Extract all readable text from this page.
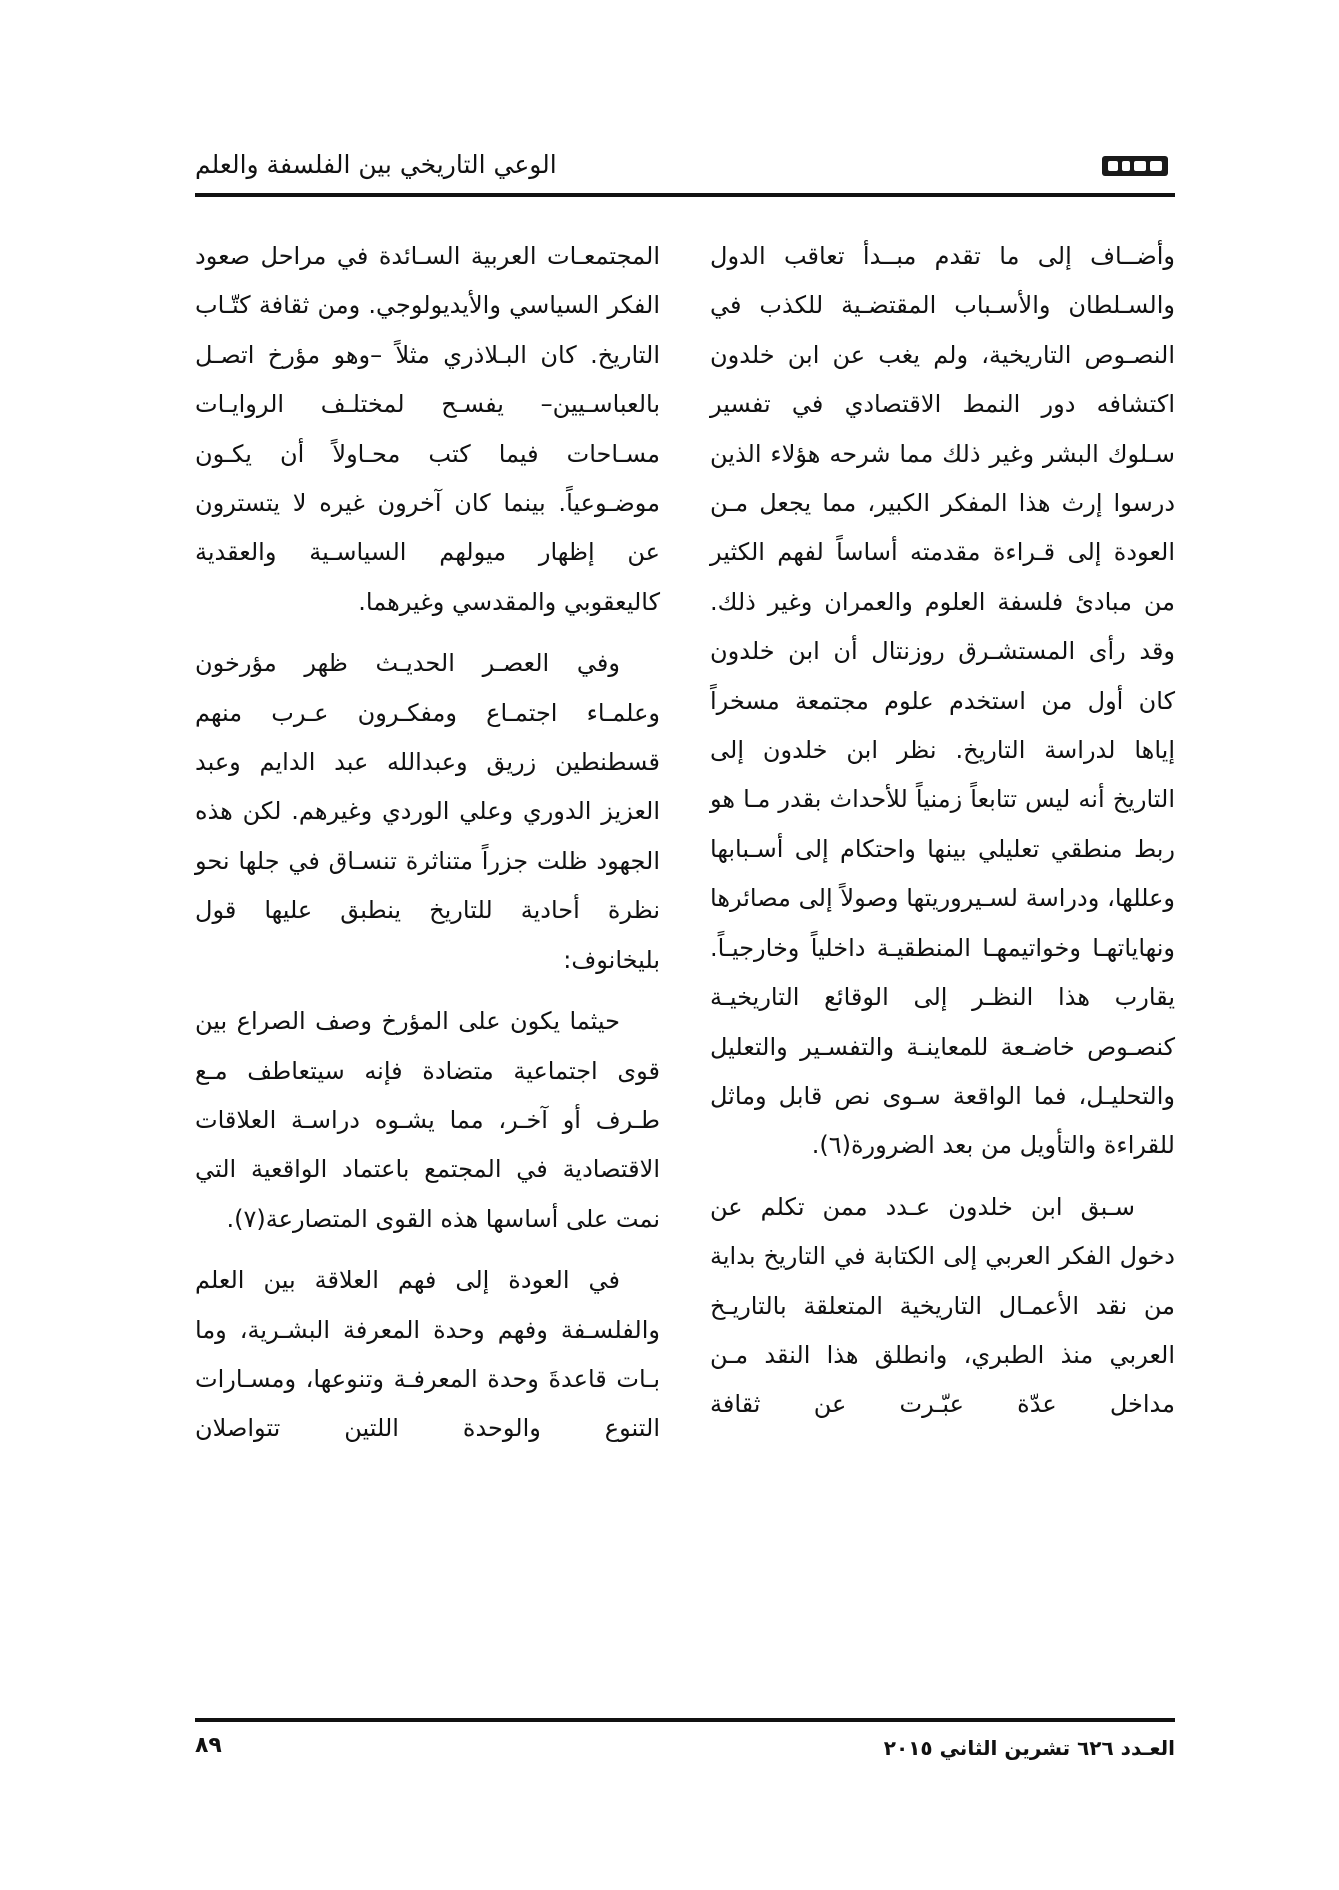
الوعي التاريخي بين الفلسفة والعلم

وأضــاف إلى ما تقدم مبــدأ تعاقب الدول والسـلطان والأسـباب المقتضـية للكذب في النصـوص التاريخية، ولم يغب عن ابن خلدون اكتشافه دور النمط الاقتصادي في تفسير سـلوك البشر وغير ذلك مما شرحه هؤلاء الذين درسوا إرث هذا المفكر الكبير، مما يجعل مـن العودة إلى قـراءة مقدمته أساساً لفهم الكثير من مبادئ فلسفة العلوم والعمران وغير ذلك. وقد رأى المستشـرق روزنتال أن ابن خلدون كان أول من استخدم علوم مجتمعة مسخراً إياها لدراسة التاريخ. نظر ابن خلدون إلى التاريخ أنه ليس تتابعاً زمنياً للأحداث بقدر مـا هو ربط منطقي تعليلي بينها واحتكام إلى أسـبابها وعللها، ودراسة لسـيروريتها وصولاً إلى مصائرها ونهاياتهـا وخواتيمهـا المنطقيـة داخلياً وخارجيـاً. يقارب هذا النظـر إلى الوقائع التاريخيـة كنصـوص خاضـعة للمعاينـة والتفسـير والتعليل والتحليـل، فما الواقعة سـوى نص قابل وماثل للقراءة والتأويل من بعد الضرورة(٦).

سـبق ابن خلدون عـدد ممن تكلم عن دخول الفكر العربي إلى الكتابة في التاريخ بداية من نقد الأعمـال التاريخية المتعلقة بالتاريـخ العربي منذ الطبري، وانطلق هذا النقد مـن مداخل عدّة عبّـرت عن ثقافة

المجتمعـات العربية السـائدة في مراحل صعود الفكر السياسي والأيديولوجي. ومن ثقافة كتّـاب التاريخ. كان البـلاذري مثلاً –وهو مؤرخ اتصـل بالعباسـيين– يفسـح لمختلـف الروايـات مسـاحات فيما كتب محـاولاً أن يكـون موضـوعياً. بينما كان آخرون غيره لا يتسترون عن إظهار ميولهم السياسـية والعقدية كاليعقوبي والمقدسي وغيرهما.

وفي العصـر الحديـث ظهر مؤرخون وعلمـاء اجتمـاع ومفكـرون عـرب منهم قسطنطين زريق وعبدالله عبد الدايم وعبد العزيز الدوري وعلي الوردي وغيرهم. لكن هذه الجهود ظلت جزراً متناثرة تنسـاق في جلها نحو نظرة أحادية للتاريخ ينطبق عليها قول بليخانوف:

حيثما يكون على المؤرخ وصف الصراع بين قوى اجتماعية متضادة فإنه سيتعاطف مـع طـرف أو آخـر، مما يشـوه دراسـة العلاقات الاقتصادية في المجتمع باعتماد الواقعية التي نمت على أساسها هذه القوى المتصارعة(٧).

في العودة إلى فهم العلاقة بين العلم والفلسـفة وفهم وحدة المعرفة البشـرية، وما بـات قاعدةَ وحدة المعرفـة وتنوعها، ومسـارات التنوع والوحدة اللتين تتواصلان

العـدد ٦٢٦ تشرين الثاني ٢٠١٥
٨٩
